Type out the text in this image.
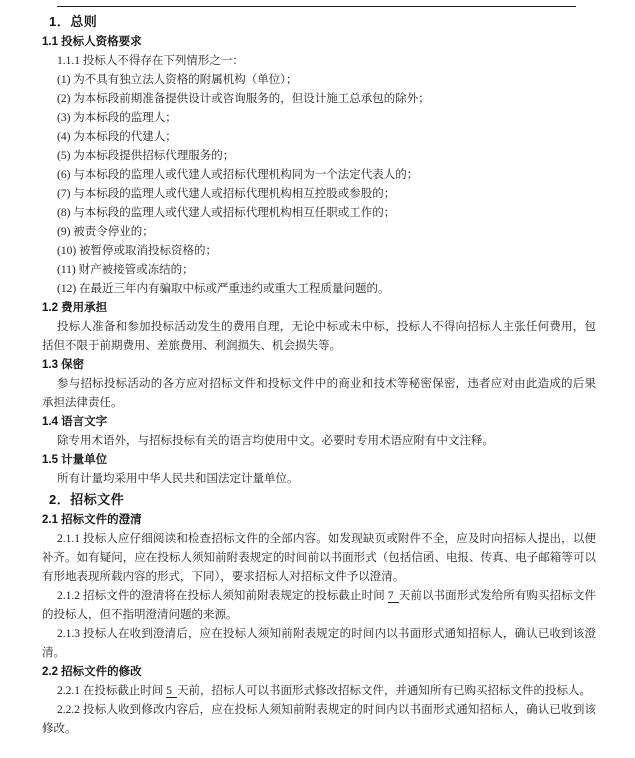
1．总则
1.1 投标人资格要求

1.1.1 投标人不得存在下列情形之一：

(1) 为不具有独立法人资格的附属机构（单位）；

(2) 为本标段前期准备提供设计或咨询服务的，但设计施工总承包的除外；

(3) 为本标段的监理人；

(4) 为本标段的代建人；

(5) 为本标段提供招标代理服务的；

(6) 与本标段的监理人或代建人或招标代理机构同为一个法定代表人的；

(7) 与本标段的监理人或代建人或招标代理机构相互控股或参股的；

(8) 与本标段的监理人或代建人或招标代理机构相互任职或工作的；

(9) 被责令停业的；

(10) 被暂停或取消投标资格的；

(11) 财产被接管或冻结的；

(12) 在最近三年内有骗取中标或严重违约或重大工程质量问题的。

1.2 费用承担

投标人准备和参加投标活动发生的费用自理，无论中标或未中标，投标人不得向招标人主张任何费用，包括但不限于前期费用、差旅费用、利润损失、机会损失等。

1.3 保密

参与招标投标活动的各方应对招标文件和投标文件中的商业和技术等秘密保密，违者应对由此造成的后果承担法律责任。

1.4 语言文字

除专用术语外，与招标投标有关的语言均使用中文。必要时专用术语应附有中文注释。

1.5 计量单位

所有计量均采用中华人民共和国法定计量单位。

2．招标文件
2.1 招标文件的澄清

2.1.1 投标人应仔细阅读和检查招标文件的全部内容。如发现缺页或附件不全，应及时向招标人提出，以便补齐。如有疑问，应在投标人须知前附表规定的时间前以书面形式（包括信函、电报、传真、电子邮箱等可以有形地表现所载内容的形式，下同），要求招标人对招标文件予以澄清。

2.1.2 招标文件的澄清将在投标人须知前附表规定的投标截止时间 7 天前以书面形式发给所有购买招标文件的投标人，但不指明澄清问题的来源。

2.1.3 投标人在收到澄清后，应在投标人须知前附表规定的时间内以书面形式通知招标人，确认已收到该澄清。

2.2 招标文件的修改

2.2.1 在投标截止时间 5 天前，招标人可以书面形式修改招标文件，并通知所有已购买招标文件的投标人。

2.2.2 投标人收到修改内容后，应在投标人须知前附表规定的时间内以书面形式通知招标人，确认已收到该修改。
